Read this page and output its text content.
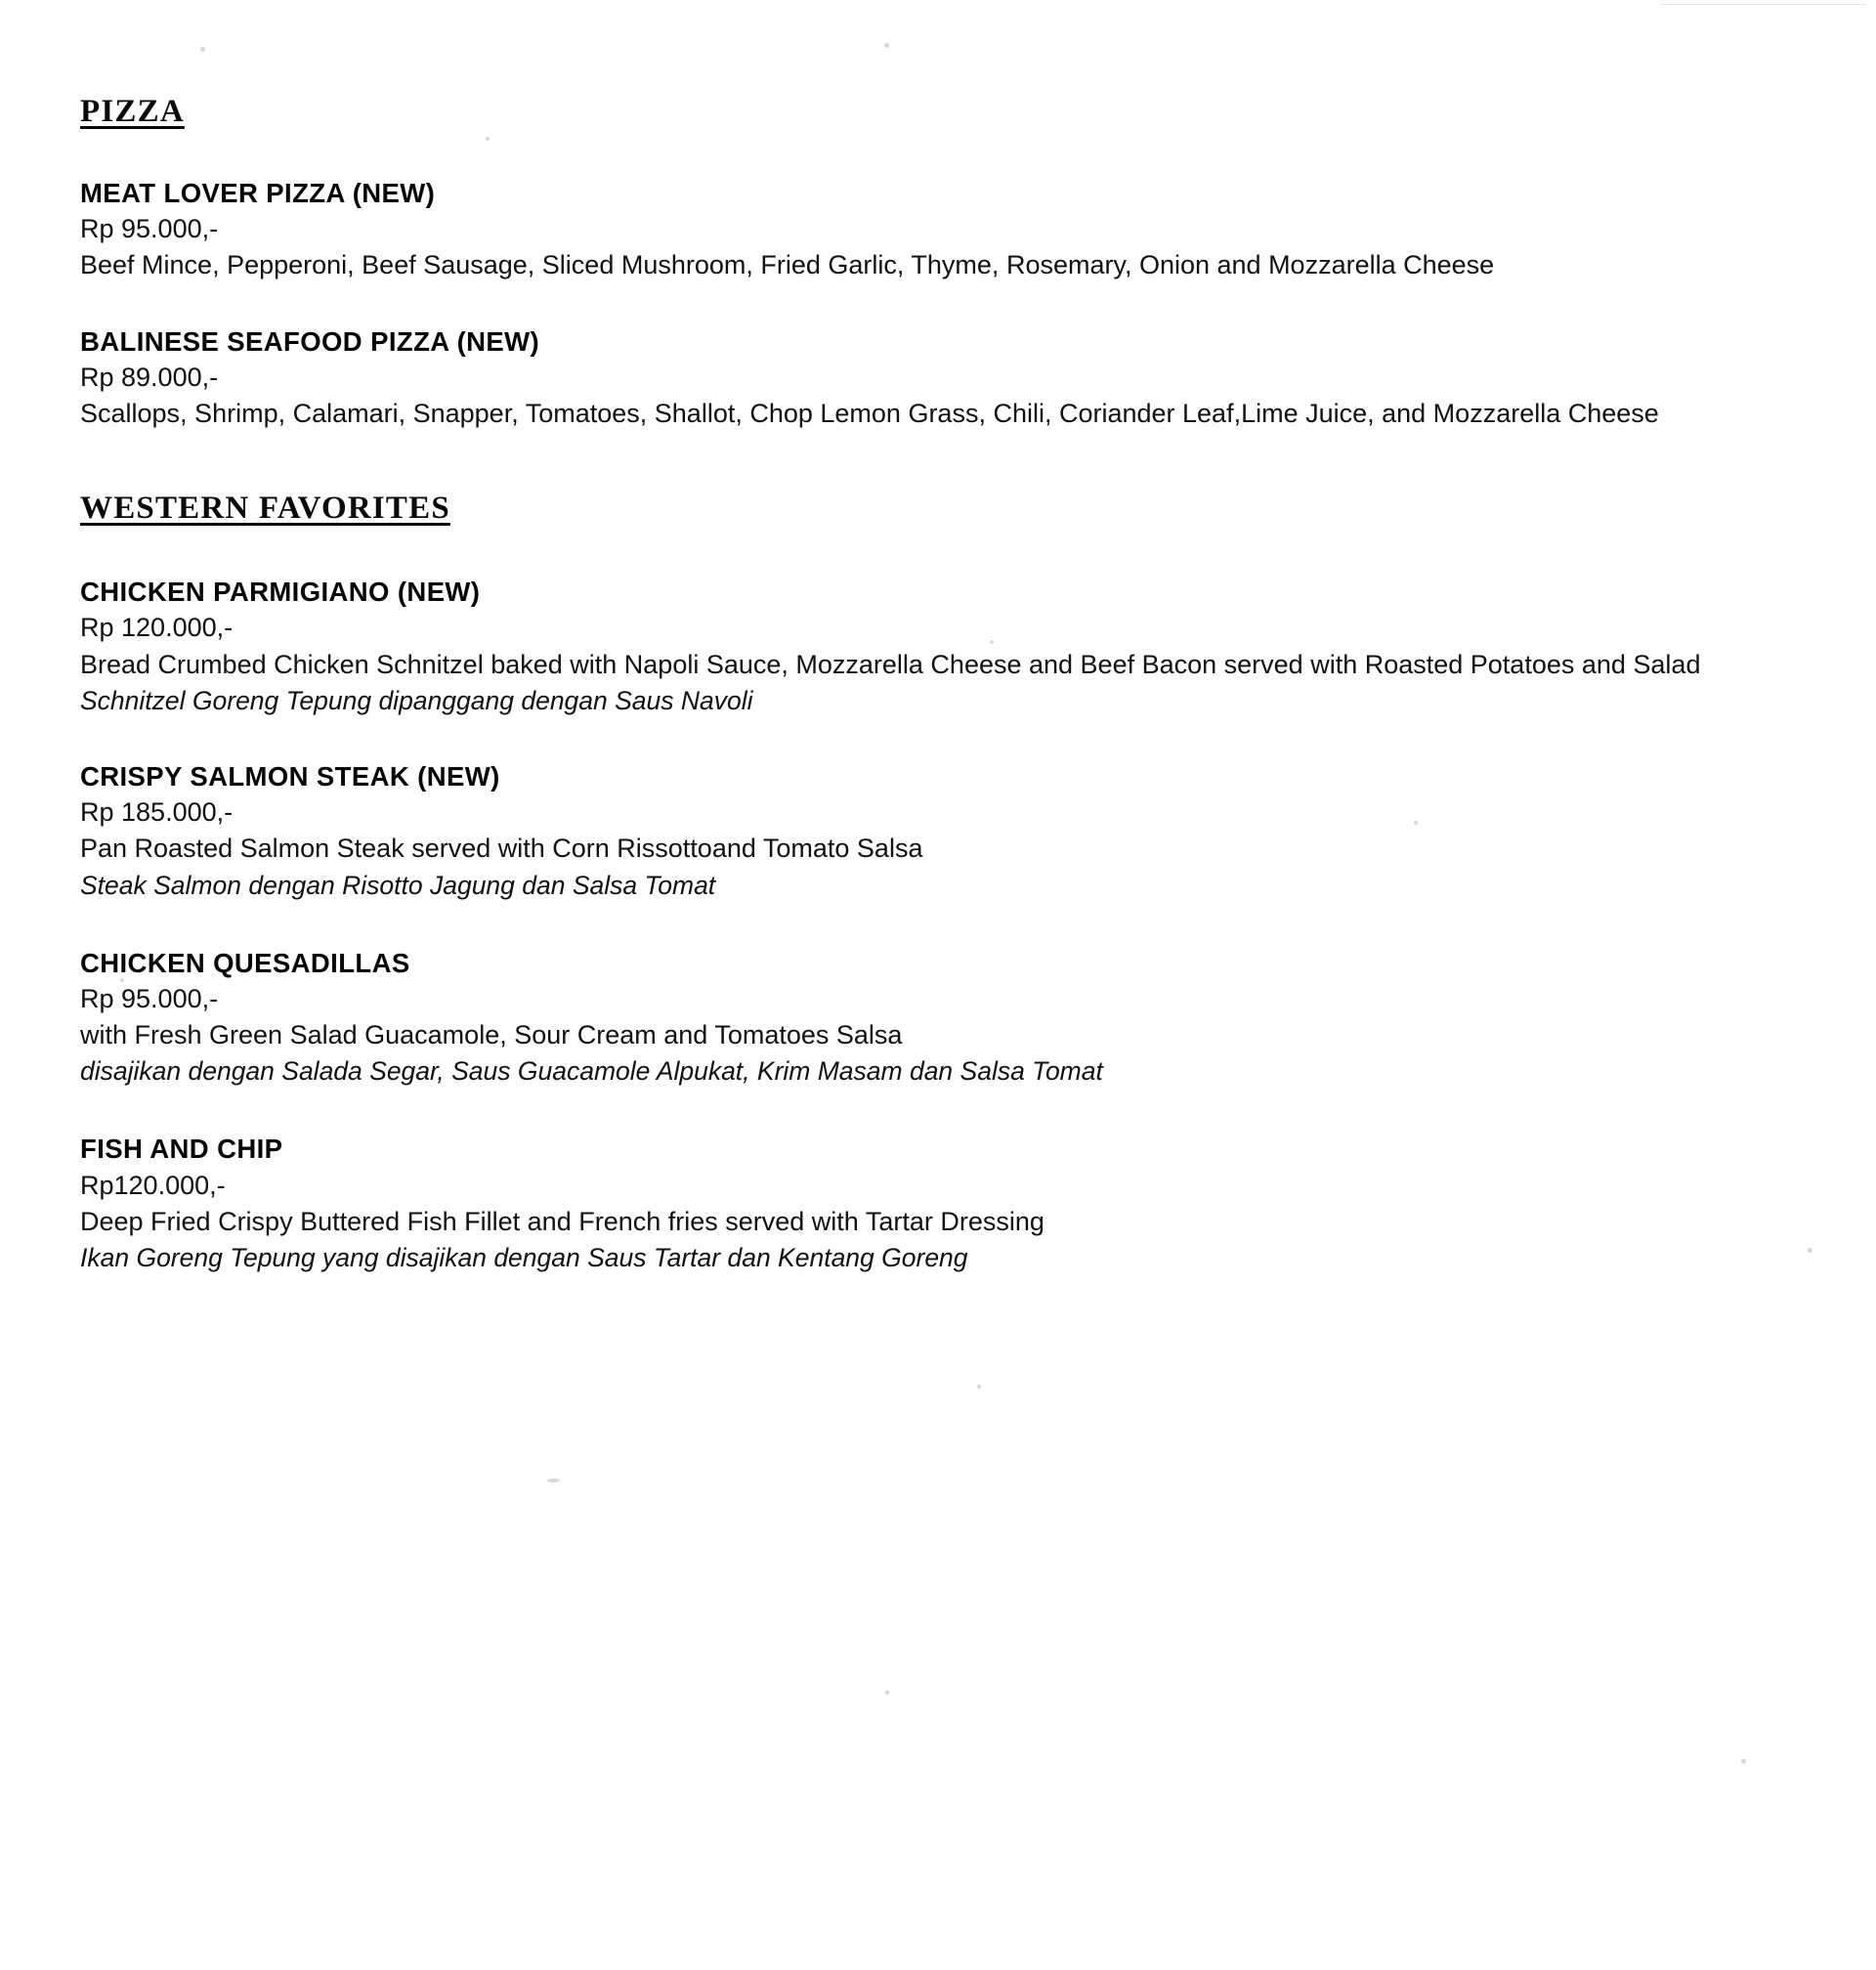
PIZZA
MEAT LOVER PIZZA (NEW)
Rp 95.000,-
Beef Mince, Pepperoni, Beef Sausage, Sliced Mushroom, Fried Garlic, Thyme, Rosemary, Onion and Mozzarella Cheese
BALINESE SEAFOOD PIZZA (NEW)
Rp 89.000,-
Scallops, Shrimp, Calamari, Snapper, Tomatoes, Shallot, Chop Lemon Grass, Chili, Coriander Leaf,Lime Juice, and Mozzarella Cheese
WESTERN FAVORITES
CHICKEN PARMIGIANO (NEW)
Rp 120.000,-
Bread Crumbed Chicken Schnitzel baked with Napoli Sauce, Mozzarella Cheese and Beef Bacon served with Roasted Potatoes and Salad
Schnitzel Goreng Tepung dipanggang dengan Saus Navoli
CRISPY SALMON STEAK (NEW)
Rp 185.000,-
Pan Roasted Salmon Steak served with Corn Rissottoand Tomato Salsa
Steak Salmon dengan Risotto Jagung dan Salsa Tomat
CHICKEN QUESADILLAS
Rp 95.000,-
with Fresh Green Salad Guacamole, Sour Cream and Tomatoes Salsa
disajikan dengan Salada Segar, Saus Guacamole Alpukat, Krim Masam dan Salsa Tomat
FISH AND CHIP
Rp120.000,-
Deep Fried Crispy Buttered Fish Fillet and French fries served with Tartar Dressing
Ikan Goreng Tepung yang disajikan dengan Saus Tartar dan Kentang Goreng
